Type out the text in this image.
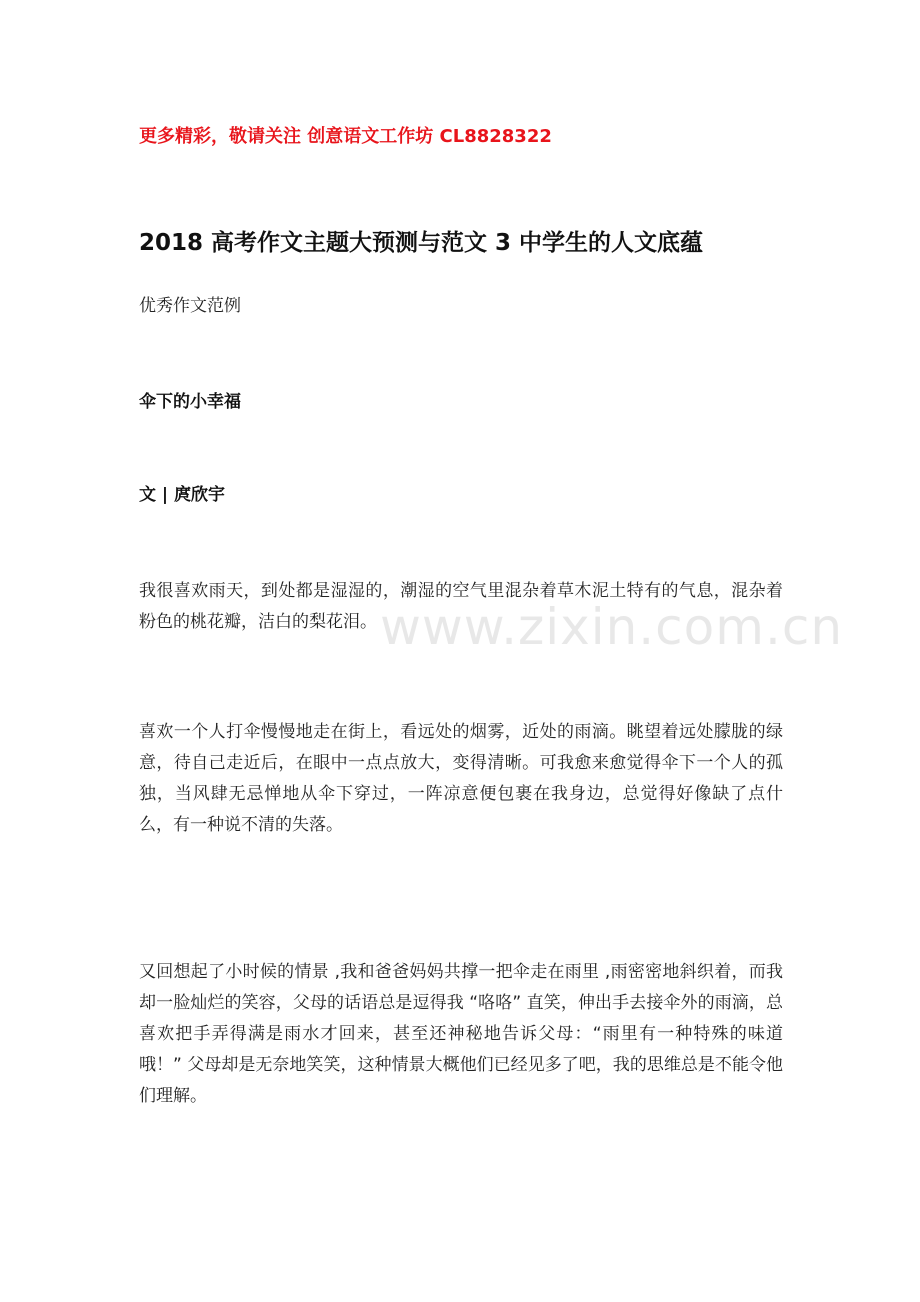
更多精彩，敬请关注 创意语文工作坊 CL8828322
2018 高考作文主题大预测与范文 3 中学生的人文底蕴
优秀作文范例
伞下的小幸福
文 | 庹欣宇

我很喜欢雨天，到处都是湿湿的，潮湿的空气里混杂着草木泥土特有的气息，混杂着粉色的桃花瓣，洁白的梨花泪。

喜欢一个人打伞慢慢地走在街上，看远处的烟雾，近处的雨滴。眺望着远处朦胧的绿意，待自己走近后，在眼中一点点放大，变得清晰。可我愈来愈觉得伞下一个人的孤独，当风肆无忌惮地从伞下穿过，一阵凉意便包裹在我身边，总觉得好像缺了点什么，有一种说不清的失落。

又回想起了小时候的情景 ,我和爸爸妈妈共撑一把伞走在雨里 ,雨密密地斜织着，而我却一脸灿烂的笑容，父母的话语总是逗得我 “咯咯” 直笑，伸出手去接伞外的雨滴，总喜欢把手弄得满是雨水才回来，甚至还神秘地告诉父母：“雨里有一种特殊的味道哦！” 父母却是无奈地笑笑，这种情景大概他们已经见多了吧，我的思维总是不能令他们理解。

www.zixin.com.cn
